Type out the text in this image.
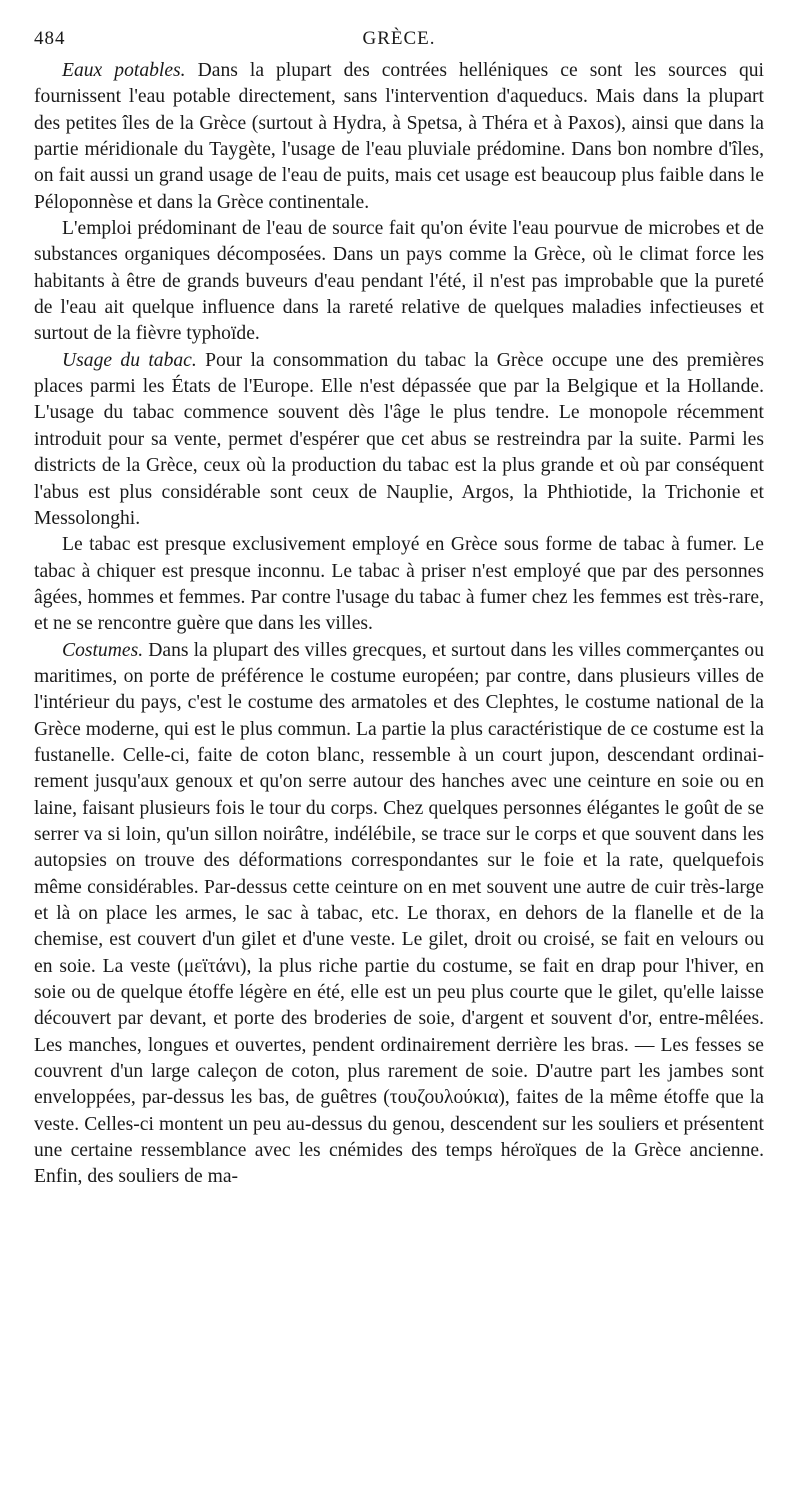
484	GRÈCE.

Eaux potables. Dans la plupart des contrées helléniques ce sont les sources qui fournissent l'eau potable directement, sans l'intervention d'aqueducs. Mais dans la plupart des petites îles de la Grèce (surtout à Hydra, à Spetsa, à Théra et à Paxos), ainsi que dans la partie méridionale du Taygète, l'usage de l'eau pluviale prédomine. Dans bon nombre d'îles, on fait aussi un grand usage de l'eau de puits, mais cet usage est beaucoup plus faible dans le Péloponnèse et dans la Grèce continentale.

L'emploi prédominant de l'eau de source fait qu'on évite l'eau pourvue de microbes et de substances organiques décomposées. Dans un pays comme la Grèce, où le climat force les habitants à être de grands buveurs d'eau pendant l'été, il n'est pas improbable que la pureté de l'eau ait quelque influence dans la rareté relative de quelques maladies infectieuses et surtout de la fièvre typhoïde.

Usage du tabac. Pour la consommation du tabac la Grèce occupe une des premières places parmi les États de l'Europe. Elle n'est dépassée que par la Belgique et la Hollande. L'usage du tabac commence souvent dès l'âge le plus tendre. Le monopole récemment introduit pour sa vente, permet d'espérer que cet abus se restreindra par la suite. Parmi les districts de la Grèce, ceux où la production du tabac est la plus grande et où par conséquent l'abus est plus considérable sont ceux de Nauplie, Argos, la Phthiotide, la Trichonie et Messolonghi.

Le tabac est presque exclusivement employé en Grèce sous forme de tabac à fumer. Le tabac à chiquer est presque inconnu. Le tabac à priser n'est employé que par des personnes âgées, hommes et femmes. Par contre l'usage du tabac à fumer chez les femmes est très-rare, et ne se rencontre guère que dans les villes.

Costumes. Dans la plupart des villes grecques, et surtout dans les villes commerçantes ou maritimes, on porte de préférence le costume européen; par contre, dans plusieurs villes de l'intérieur du pays, c'est le costume des armatoles et des Clephtes, le costume national de la Grèce moderne, qui est le plus commun. La partie la plus caractéristique de ce costume est la fustanelle. Celle-ci, faite de coton blanc, ressemble à un court jupon, descendant ordinairement jusqu'aux genoux et qu'on serre autour des hanches avec une ceinture en soie ou en laine, faisant plusieurs fois le tour du corps. Chez quelques personnes élégantes le goût de se serrer va si loin, qu'un sillon noirâtre, indélébile, se trace sur le corps et que souvent dans les autopsies on trouve des déformations correspondantes sur le foie et la rate, quelquefois même considérables. Par-dessus cette ceinture on en met souvent une autre de cuir très-large et là on place les armes, le sac à tabac, etc. Le thorax, en dehors de la flanelle et de la chemise, est couvert d'un gilet et d'une veste. Le gilet, droit ou croisé, se fait en velours ou en soie. La veste (μεϊτάνι), la plus riche partie du costume, se fait en drap pour l'hiver, en soie ou de quelque étoffe légère en été, elle est un peu plus courte que le gilet, qu'elle laisse découvert par devant, et porte des broderies de soie, d'argent et souvent d'or, entre-mêlées. Les manches, longues et ouvertes, pendent ordinairement derrière les bras. — Les fesses se couvrent d'un large caleçon de coton, plus rarement de soie. D'autre part les jambes sont enveloppées, par-dessus les bas, de guêtres (τουζουλούκια), faites de la même étoffe que la veste. Celles-ci montent un peu au-dessus du genou, descendent sur les souliers et présentent une certaine ressemblance avec les cnémides des temps héroïques de la Grèce ancienne. Enfin, des souliers de ma-
